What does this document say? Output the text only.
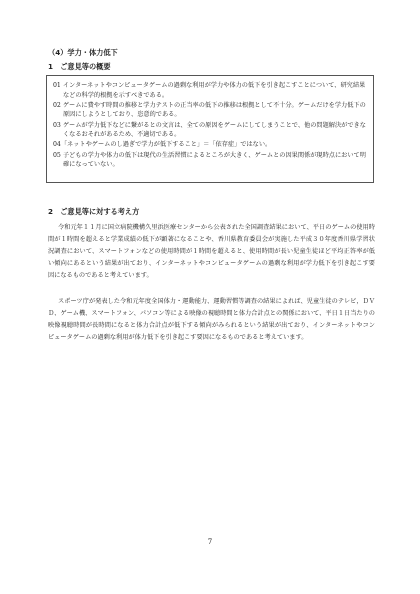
（4）学力・体力低下
1　ご意見等の概要

01 インターネットやコンピュータゲームの過剰な利用が学力や体力の低下を引き起こすことについて、研究結果などの科学的根拠を示すべきである。

02 ゲームに費やす時間の推移と学力テストの正当率の低下の推移は根拠として不十分。ゲームだけを学力低下の原因にしようとしており、恣意的である。

03 ゲームが学力低下などに繋がるとの文言は、全ての原因をゲームにしてしまうことで、他の問題解決ができなくなるおそれがあるため、不適切である。

04「ネットやゲームのし過ぎで学力が低下すること」＝「依存症」ではない。

05 子どもの学力や体力の低下は現代の生活習慣によるところが大きく、ゲームとの因果関係が現時点において明確になっていない。

2　ご意見等に対する考え方

令和元年１１月に国立病院機構久里浜医療センターから公表された全国調査結果において、平日のゲームの使用時間が１時間を超えると学業成績の低下が顕著になることや、香川県教育委員会が実施した平成３０年度香川県学習状況調査において、スマートフォンなどの使用時間が１時間を超えると、使用時間が長い児童生徒ほど平均正答率が低い傾向にあるという結果が出ており、インターネットやコンピュータゲームの過剰な利用が学力低下を引き起こす要因になるものであると考えています。

スポーツ庁が発表した令和元年度全国体力・運動能力、運動習慣等調査の結果によれば、児童生徒のテレビ，ＤＶＤ、ゲーム機、スマートフォン、パソコン等による映像の視聴時間と体力合計点との関係において、平日１日当たりの映像視聴時間が長時間になると体力合計点が低下する傾向がみられるという結果が出ており、インターネットやコンピュータゲームの過剰な利用が体力低下を引き起こす要因になるものであると考えています。

7
